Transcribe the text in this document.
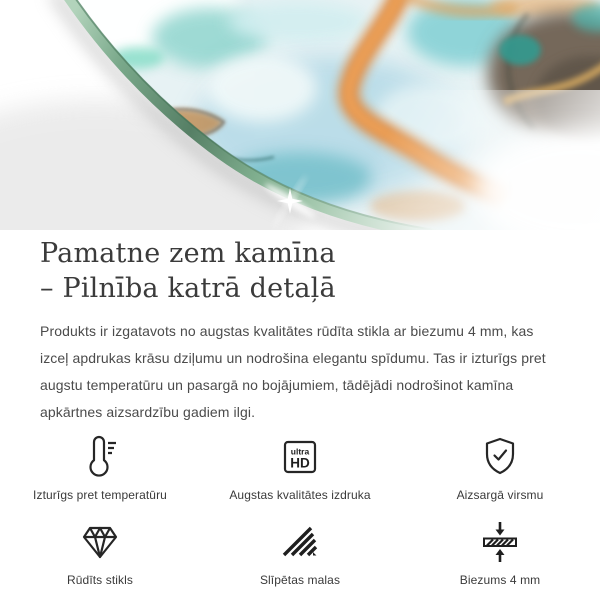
Pamatne zem kamīna
– Pilnība katrā detaļā

Produkts ir izgatavots no augstas kvalitātes rūdīta stikla ar biezumu 4 mm, kas izceļ apdrukas krāsu dziļumu un nodrošina elegantu spīdumu. Tas ir izturīgs pret augstu temperatūru un pasargā no bojājumiem, tādējādi nodrošinot kamīna apkārtnes aizsardzību gadiem ilgi.

Izturīgs pret temperatūru
ultra
HD
Augstas kvalitātes izdruka	Aizsargā virsmu
Rūdīts stikls	Slīpētas malas	Biezums 4 mm
